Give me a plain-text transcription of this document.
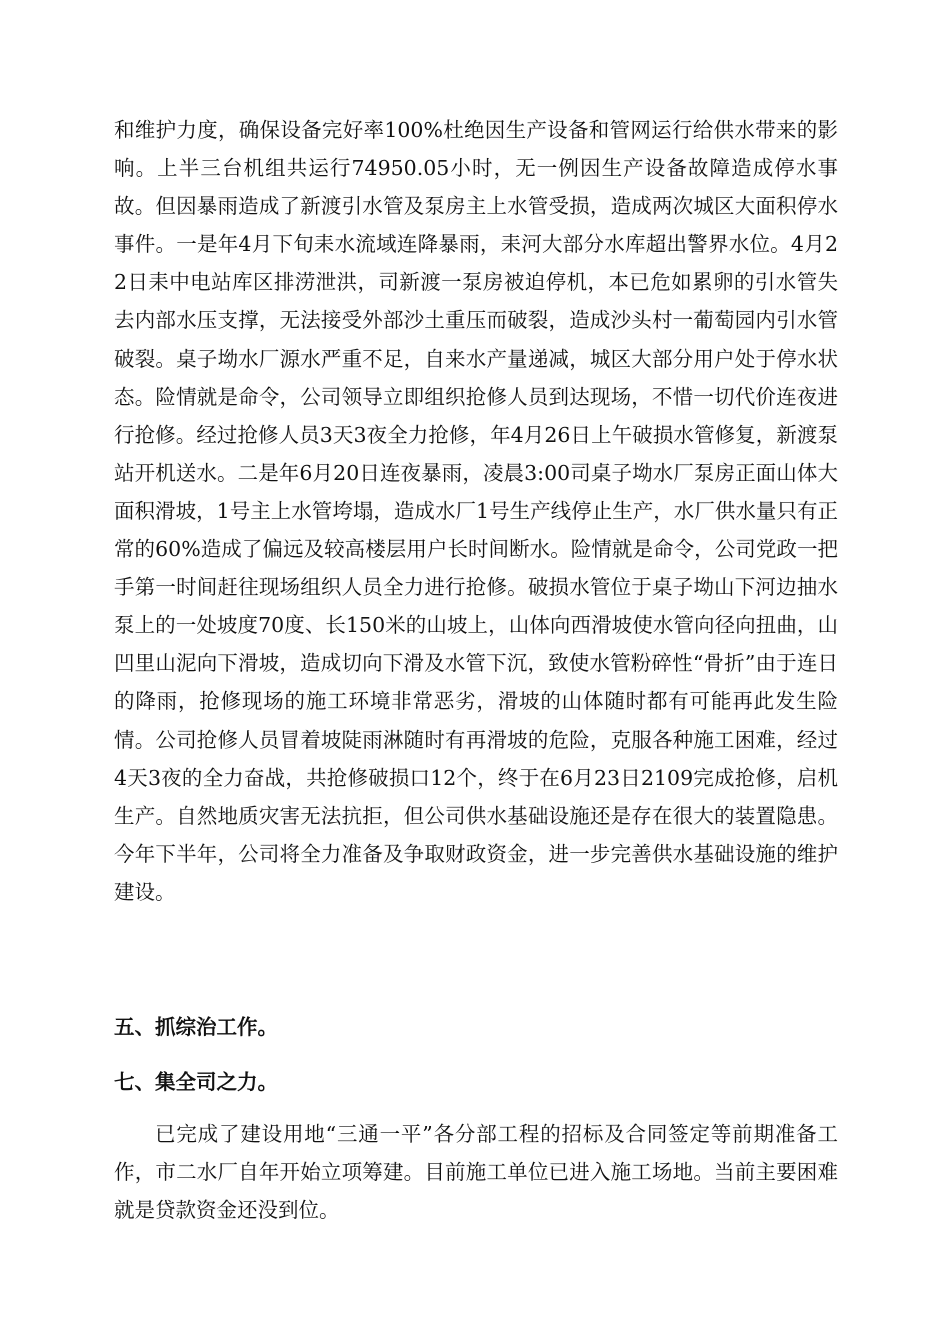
和维护力度，确保设备完好率100%杜绝因生产设备和管网运行给供水带来的影响。上半三台机组共运行74950.05小时，无一例因生产设备故障造成停水事故。但因暴雨造成了新渡引水管及泵房主上水管受损，造成两次城区大面积停水事件。一是年4月下旬耒水流域连降暴雨，耒河大部分水库超出警界水位。4月22日耒中电站库区排涝泄洪，司新渡一泵房被迫停机，本已危如累卵的引水管失去内部水压支撑，无法接受外部沙土重压而破裂，造成沙头村一葡萄园内引水管破裂。桌子坳水厂源水严重不足，自来水产量递减，城区大部分用户处于停水状态。险情就是命令，公司领导立即组织抢修人员到达现场，不惜一切代价连夜进行抢修。经过抢修人员3天3夜全力抢修，年4月26日上午破损水管修复，新渡泵站开机送水。二是年6月20日连夜暴雨，凌晨3:00司桌子坳水厂泵房正面山体大面积滑坡，1号主上水管垮塌，造成水厂1号生产线停止生产，水厂供水量只有正常的60%造成了偏远及较高楼层用户长时间断水。险情就是命令，公司党政一把手第一时间赶往现场组织人员全力进行抢修。破损水管位于桌子坳山下河边抽水泵上的一处坡度70度、长150米的山坡上，山体向西滑坡使水管向径向扭曲，山凹里山泥向下滑坡，造成切向下滑及水管下沉，致使水管粉碎性“骨折”由于连日的降雨，抢修现场的施工环境非常恶劣，滑坡的山体随时都有可能再此发生险情。公司抢修人员冒着坡陡雨淋随时有再滑坡的危险，克服各种施工困难，经过4天3夜的全力奋战，共抢修破损口12个，终于在6月23日2109完成抢修，启机生产。自然地质灾害无法抗拒，但公司供水基础设施还是存在很大的装置隐患。今年下半年，公司将全力准备及争取财政资金，进一步完善供水基础设施的维护建设。

五、抓综治工作。

七、集全司之力。

已完成了建设用地“三通一平”各分部工程的招标及合同签定等前期准备工作，市二水厂自年开始立项筹建。目前施工单位已进入施工场地。当前主要困难就是贷款资金还没到位。
